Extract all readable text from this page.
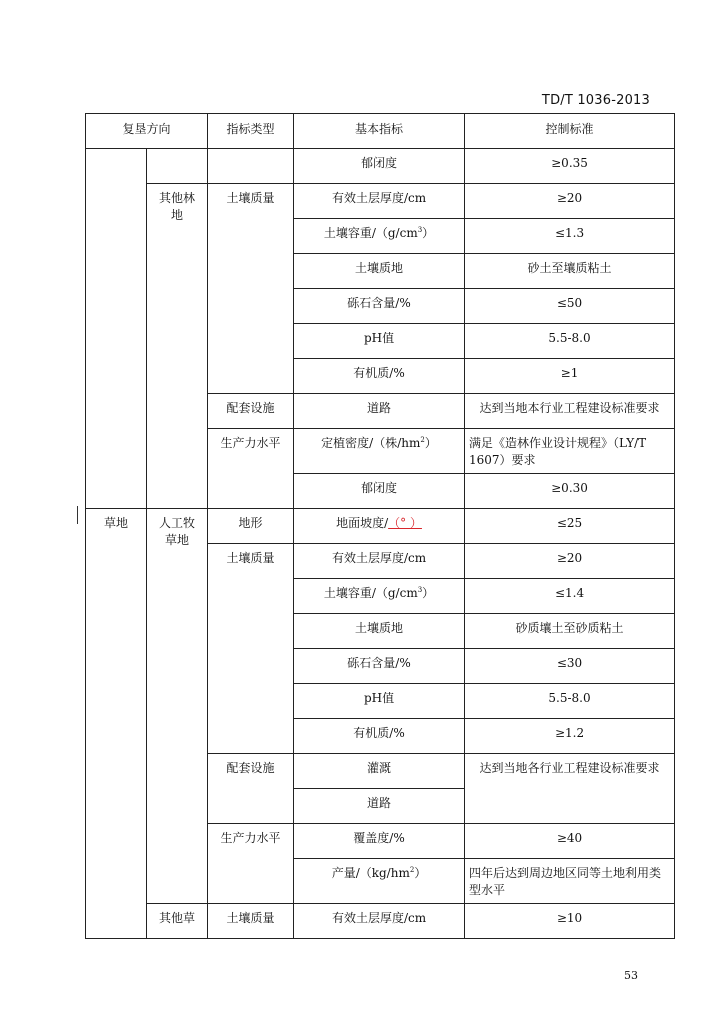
TD/T 1036-2013
复垦方向		指标类型	基本指标	控制标准
			郁闭度	≥0.35
	其他林地	土壤质量	有效土层厚度/cm	≥20
			土壤容重$/(g/cm^3)$	≤1.3
			土壤质地	砂土至壤质粘土
			砾石含量/%	≤50
			pH值	5.5-8.0
			有机质/%	≥1
		配套设施	道路	达到当地本行业工程建设标准要求
		生产力水平	定植密度/（株$/hm^2$）	满足《造林作业设计规程》（LY/T 1607）要求
			郁闭度	≥0.30
草地	人工牧草地	地形	地面坡度/（° ）	≤25
		土壤质量	有效土层厚度/cm	≥20
			土壤容重$/(g/cm^3)$	≤1.4
			土壤质地	砂质壤土至砂质粘土
			砾石含量/%	≤30
			pH值	5.5-8.0
			有机质/%	≥1.2
		配套设施	灌溉	达到当地各行业工程建设标准要求
			道路	
		生产力水平	覆盖度/%	≥40
			产量$/(kg/hm^2)$	四年后达到周边地区同等土地利用类型水平
	其他草	土壤质量	有效土层厚度/cm	≥10
53
